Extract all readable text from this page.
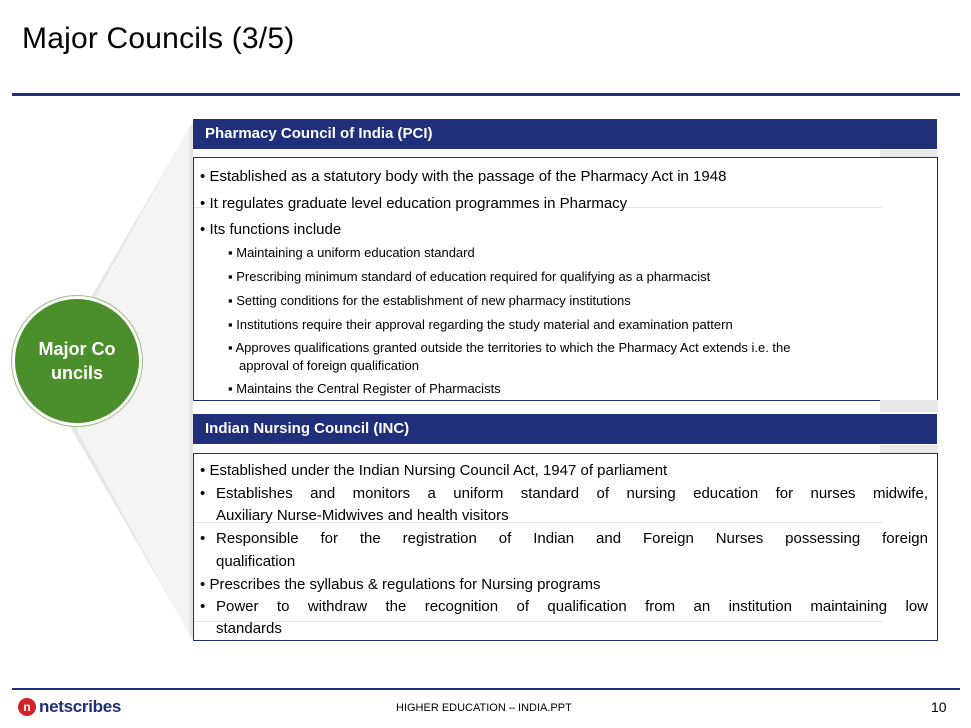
Major Councils (3/5)
Major Councils
Pharmacy Council of India (PCI)
• Established as a statutory body with the passage of the Pharmacy Act in 1948
• It regulates graduate level education programmes in Pharmacy
• Its functions include
▪ Maintaining a uniform education standard
▪ Prescribing minimum standard of education required for qualifying as a pharmacist
▪ Setting conditions for the establishment of new pharmacy institutions
▪ Institutions require their approval regarding the study material and examination pattern
▪ Approves qualifications granted outside the territories to which the Pharmacy Act extends i.e. the
approval of foreign qualification
▪ Maintains the Central Register of Pharmacists
Indian Nursing Council (INC)
• Established under the Indian Nursing Council Act, 1947 of parliament
• Establishes and monitors a uniform standard of nursing education for nurses midwife,
Auxiliary Nurse-Midwives and health visitors
• Responsible for the registration of Indian and Foreign Nurses possessing foreign
qualification
• Prescribes the syllabus & regulations for Nursing programs
• Power to withdraw the recognition of qualification from an institution maintaining low
standards
n netscribes	HIGHER EDUCATION – INDIA.PPT	10
